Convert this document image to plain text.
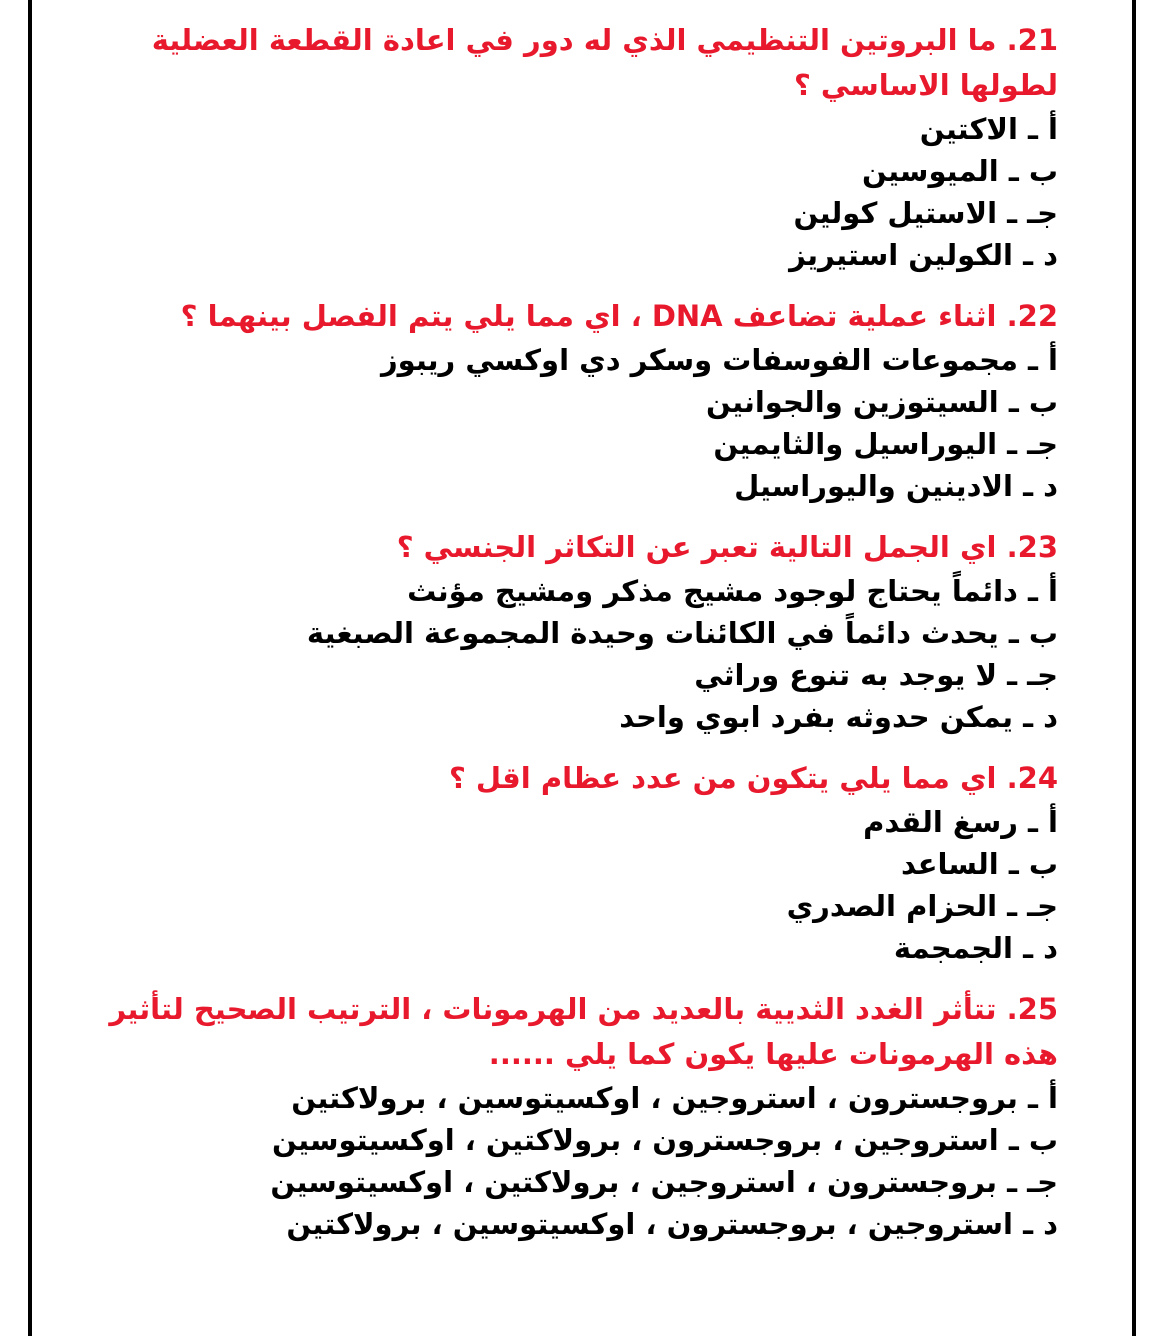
21. ما البروتين التنظيمي الذي له دور في اعادة القطعة العضلية لطولها الاساسي ؟

أ ـ الاكتين

ب ـ الميوسين

جـ ـ الاستيل كولين

د ـ الكولين استيريز

22. اثناء عملية تضاعف DNA ، اي مما يلي يتم الفصل بينهما ؟

أ ـ مجموعات الفوسفات وسكر دي اوكسي ريبوز

ب ـ السيتوزين والجوانين

جـ ـ اليوراسيل والثايمين

د ـ الادينين واليوراسيل

23. اي الجمل التالية تعبر عن التكاثر الجنسي ؟

أ ـ دائماً يحتاج لوجود مشيج مذكر ومشيج مؤنث

ب ـ يحدث دائماً في الكائنات وحيدة المجموعة الصبغية

جـ ـ لا يوجد به تنوع وراثي

د ـ يمكن حدوثه بفرد ابوي واحد

24. اي مما يلي يتكون من عدد عظام اقل ؟

أ ـ رسغ القدم

ب ـ الساعد

جـ ـ الحزام الصدري

د ـ الجمجمة

25. تتأثر الغدد الثديية بالعديد من الهرمونات ، الترتيب الصحيح لتأثير هذه الهرمونات عليها يكون كما يلي ......

أ ـ بروجسترون ، استروجين ، اوكسيتوسين ، برولاكتين

ب ـ استروجين ، بروجسترون ، برولاكتين ، اوكسيتوسين

جـ ـ بروجسترون ، استروجين ، برولاكتين ، اوكسيتوسين

د ـ استروجين ، بروجسترون ، اوكسيتوسين ، برولاكتين
